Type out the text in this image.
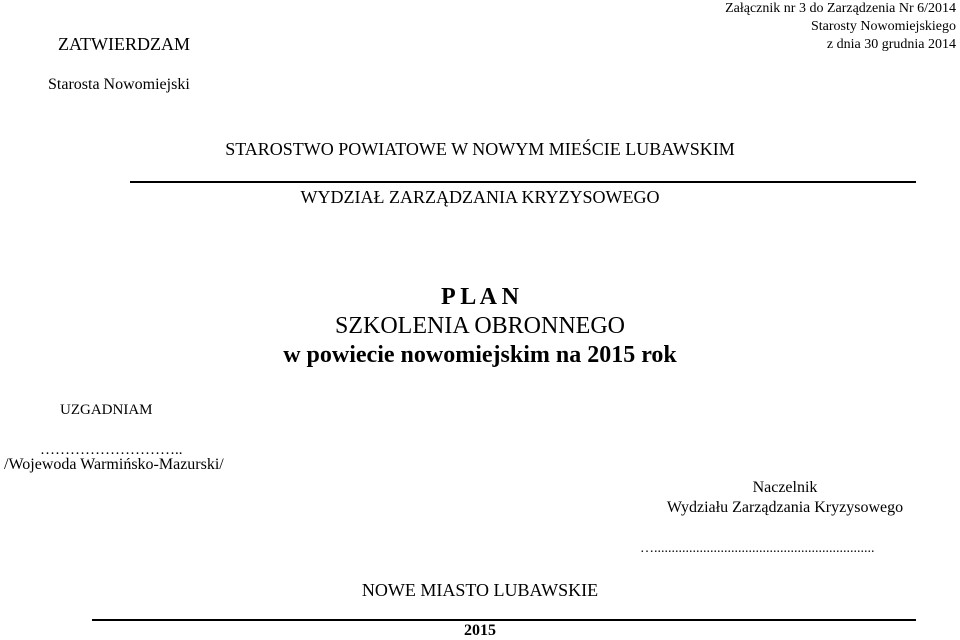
Załącznik nr 3 do Zarządzenia Nr 6/2014
Starosty Nowomiejskiego
z dnia 30 grudnia 2014
ZATWIERDZAM
Starosta Nowomiejski
STAROSTWO POWIATOWE W NOWYM MIEŚCIE LUBAWSKIM
WYDZIAŁ ZARZĄDZANIA KRYZYSOWEGO
P L A N
SZKOLENIA OBRONNEGO
w powiecie nowomiejskim na 2015 rok
UZGADNIAM
………………………..
/Wojewoda Warmińsko-Mazurski/
Naczelnik
Wydziału Zarządzania Kryzysowego
…...............................................................
NOWE MIASTO LUBAWSKIE
2015
